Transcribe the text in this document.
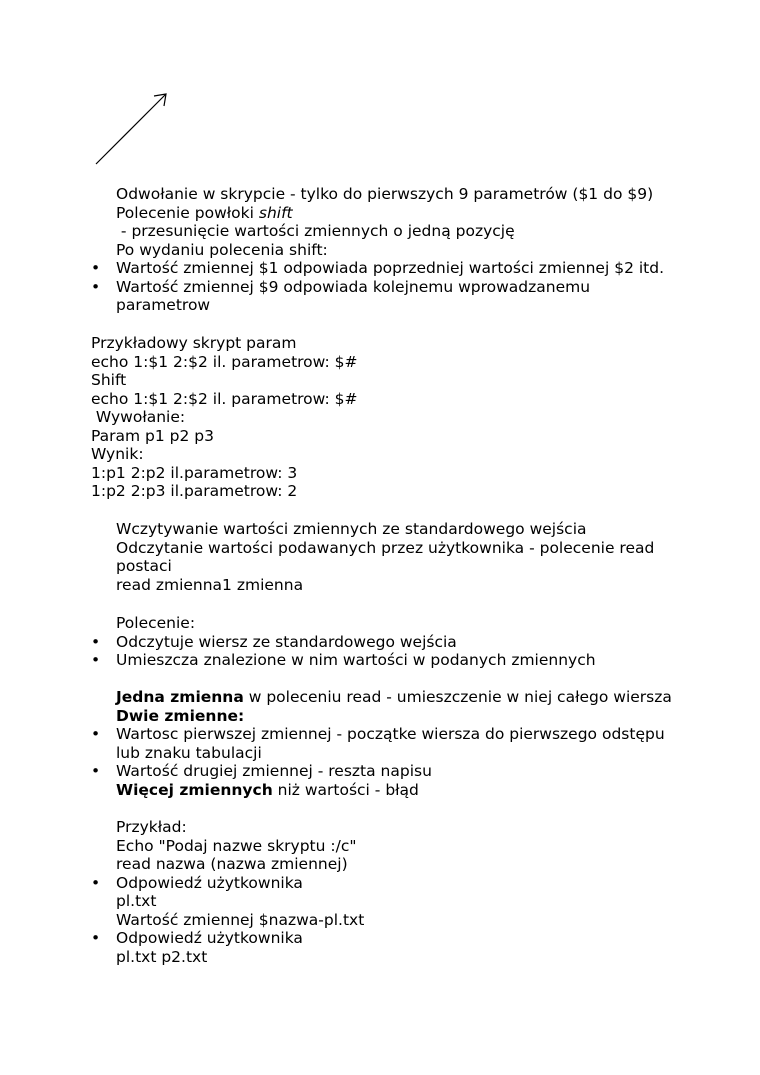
Odwołanie w skrypcie - tylko do pierwszych 9 parametrów ($1 do $9)
Polecenie powłoki shift
- przesunięcie wartości zmiennych o jedną pozycję
Po wydaniu polecenia shift:
• Wartość zmiennej $1 odpowiada poprzedniej wartości zmiennej $2 itd.
• Wartość zmiennej $9 odpowiada kolejnemu wprowadzanemu
parametrow
Przykładowy skrypt param
echo 1:$1 2:$2 il. parametrow: $#
Shift
echo 1:$1 2:$2 il. parametrow: $#
Wywołanie:
Param p1 p2 p3
Wynik:
1:p1 2:p2 il.parametrow: 3
1:p2 2:p3 il.parametrow: 2
Wczytywanie wartości zmiennych ze standardowego wejścia
Odczytanie wartości podawanych przez użytkownika - polecenie read
postaci
read zmienna1 zmienna
Polecenie:
• Odczytuje wiersz ze standardowego wejścia
• Umieszcza znalezione w nim wartości w podanych zmiennych
Jedna zmienna w poleceniu read - umieszczenie w niej całego wiersza
Dwie zmienne:
• Wartosc pierwszej zmiennej - początke wiersza do pierwszego odstępu
lub znaku tabulacji
• Wartość drugiej zmiennej - reszta napisu
Więcej zmiennych niż wartości - błąd
Przykład:
Echo "Podaj nazwe skryptu :/c"
read nazwa (nazwa zmiennej)
• Odpowiedź użytkownika
pl.txt
Wartość zmiennej $nazwa-pl.txt
• Odpowiedź użytkownika
pl.txt p2.txt
